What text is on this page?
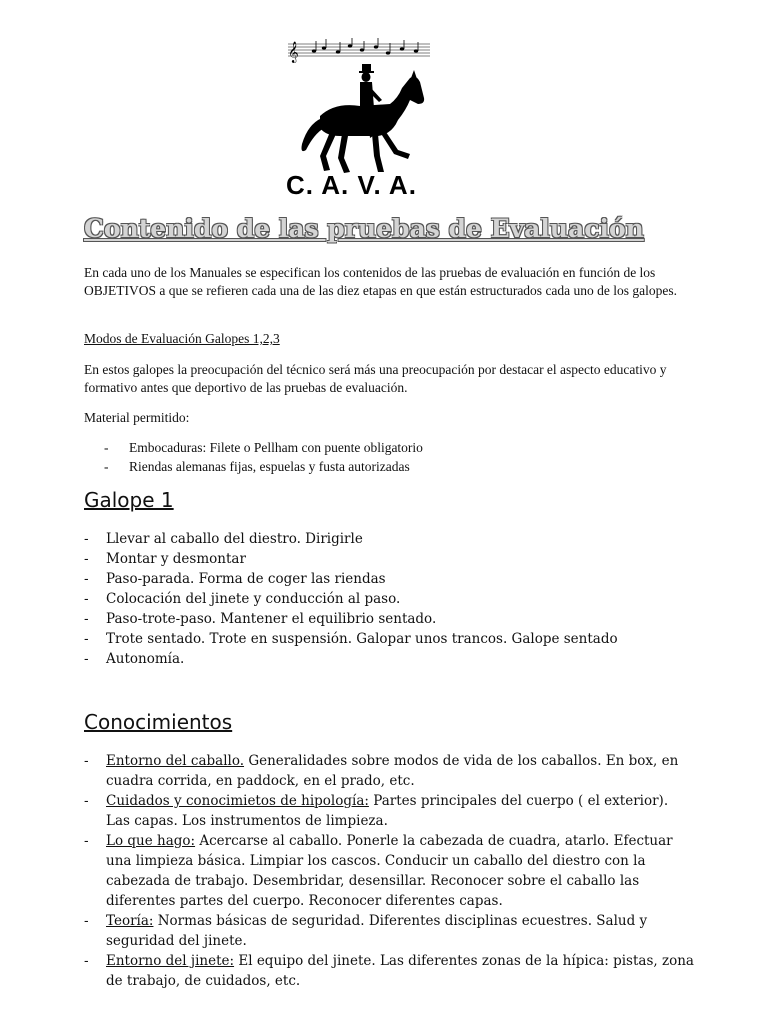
𝄞
C. A. V. A.
Contenido de las pruebas de Evaluación
En cada uno de los Manuales se especifican los contenidos de las pruebas de evaluación en función de los OBJETIVOS a que se refieren cada una de las diez etapas en que están estructurados cada uno de los galopes.
Modos de Evaluación Galopes 1,2,3
En estos galopes la preocupación del técnico será más una preocupación por destacar el aspecto educativo y formativo antes que deportivo de las pruebas de evaluación.
Material permitido:
- Embocaduras: Filete o Pellham con puente obligatorio
- Riendas alemanas fijas, espuelas y fusta autorizadas
Galope 1
- Llevar al caballo del diestro. Dirigirle
- Montar y desmontar
- Paso-parada. Forma de coger las riendas
- Colocación del jinete y conducción al paso.
- Paso-trote-paso. Mantener el equilibrio sentado.
- Trote sentado. Trote en suspensión. Galopar unos trancos. Galope sentado
- Autonomía.
Conocimientos
- Entorno del caballo. Generalidades sobre modos de vida de los caballos. En box, en cuadra corrida, en paddock, en el prado, etc.
- Cuidados y conocimietos de hipología: Partes principales del cuerpo ( el exterior). Las capas. Los instrumentos de limpieza.
- Lo que hago: Acercarse al caballo. Ponerle la cabezada de cuadra, atarlo. Efectuar una limpieza básica. Limpiar los cascos. Conducir un caballo del diestro con la cabezada de trabajo. Desembridar, desensillar. Reconocer sobre el caballo las diferentes partes del cuerpo. Reconocer diferentes capas.
- Teoría: Normas básicas de seguridad. Diferentes disciplinas ecuestres. Salud y seguridad del jinete.
- Entorno del jinete: El equipo del jinete. Las diferentes zonas de la hípica: pistas, zona de trabajo, de cuidados, etc.
